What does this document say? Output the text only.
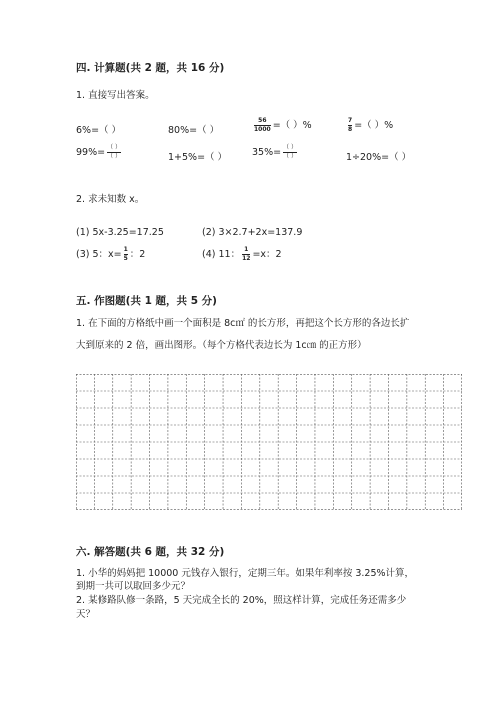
四. 计算题(共 2 题，共 16 分)
1. 直接写出答案。
6%=（ ）	80%=（ ）	$\frac{56}{1000}$ =（ ）%	$\frac{7}{8}$ =（ ）%
$99\%= \frac{( )}{( )}$	1+5%=（ ）	$35\%= \frac{( )}{( )}$	1÷20%=（ ）
2. 求未知数 x。
(1) 5x-3.25=17.25	(2) 3×2.7+2x=137.9
(3) 5：$x= \frac{1}{5}$ ：2	(4) 11： $\frac{1}{12} =x$：2
五. 作图题(共 1 题，共 5 分)
1. 在下面的方格纸中画一个面积是 8c㎡ 的长方形，再把这个长方形的各边长扩
大到原来的 2 倍，画出图形。（每个方格代表边长为 1c㎝ 的正方形）
六. 解答题(共 6 题，共 32 分)
1. 小华的妈妈把 10000 元钱存入银行，定期三年。如果年利率按 3.25%计算，
到期一共可以取回多少元？
2. 某修路队修一条路，5 天完成全长的 20%，照这样计算，完成任务还需多少
天？
